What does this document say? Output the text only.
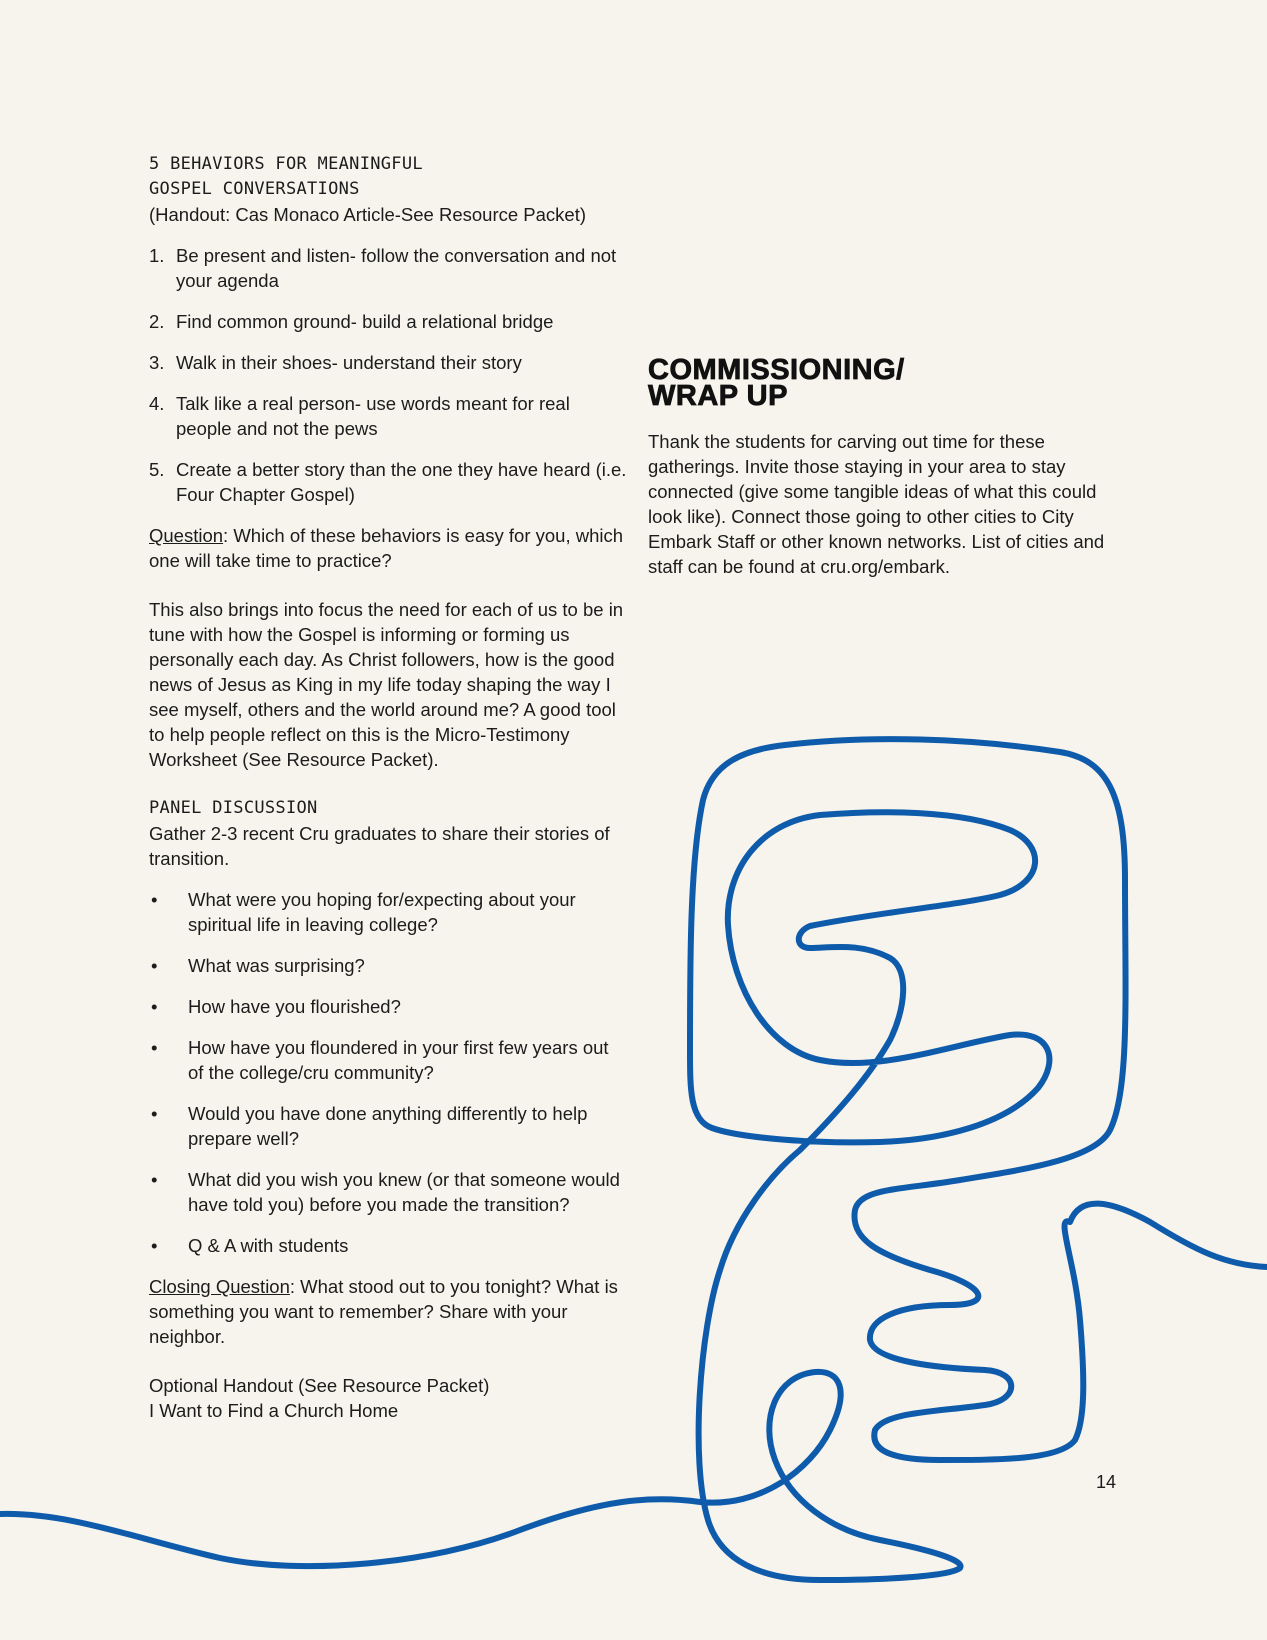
5 BEHAVIORS FOR MEANINGFUL
GOSPEL CONVERSATIONS
(Handout: Cas Monaco Article-See Resource Packet)
1. Be present and listen- follow the conversation and not your agenda
2. Find common ground- build a relational bridge
3. Walk in their shoes- understand their story
4. Talk like a real person- use words meant for real people and not the pews
5. Create a better story than the one they have heard (i.e. Four Chapter Gospel)

Question: Which of these behaviors is easy for you, which one will take time to practice?

This also brings into focus the need for each of us to be in tune with how the Gospel is informing or forming us personally each day. As Christ followers, how is the good news of Jesus as King in my life today shaping the way I see myself, others and the world around me? A good tool to help people reflect on this is the Micro-Testimony Worksheet (See Resource Packet).

PANEL DISCUSSION

Gather 2-3 recent Cru graduates to share their stories of transition.

•	What were you hoping for/expecting about your spiritual life in leaving college?
•	What was surprising?
•	How have you flourished?
•	How have you floundered in your first few years out of the college/cru community?
•	Would you have done anything differently to help prepare well?
•	What did you wish you knew (or that someone would have told you) before you made the transition?
•	Q & A with students

Closing Question: What stood out to you tonight? What is something you want to remember? Share with your neighbor.

Optional Handout (See Resource Packet)
I Want to Find a Church Home

COMMISSIONING/
WRAP UP

Thank the students for carving out time for these gatherings. Invite those staying in your area to stay connected (give some tangible ideas of what this could look like). Connect those going to other cities to City Embark Staff or other known networks. List of cities and staff can be found at cru.org/embark.

14
